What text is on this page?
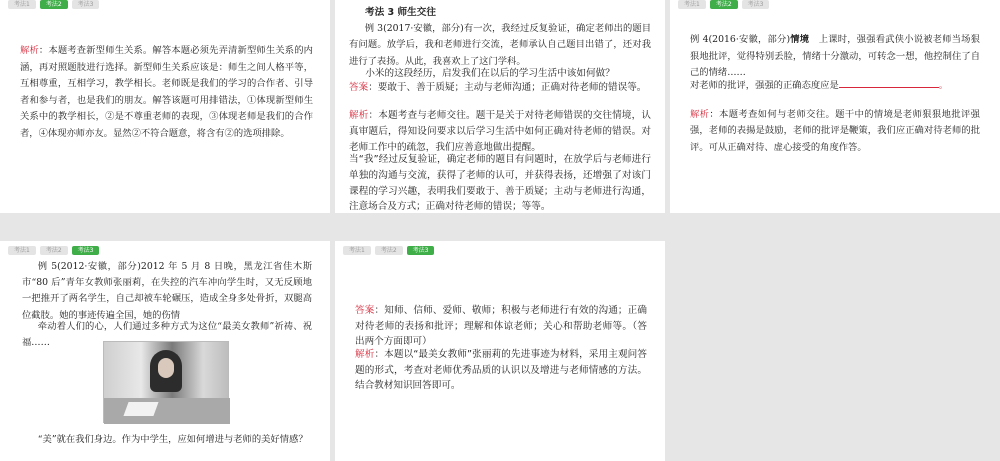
考法1	考法2	考法3
解析：本题考查新型师生关系。解答本题必须先弄清新型师生关系的内涵，再对照题肢进行选择。新型师生关系应该是：师生之间人格平等，互相尊重，互相学习，教学相长。老师既是我们的学习的合作者、引导者和参与者，也是我们的朋友。解答该题可用排错法，①体现新型师生关系中的教学相长，②是不尊重老师的表现，③体现老师是我们的合作者，④体现亦师亦友。显然②不符合题意，将含有②的选项排除。
考法 3 师生交往
例 3(2017·安徽，部分)有一次，我经过反复验证，确定老师出的题目有问题。放学后，我和老师进行交流，老师承认自己题目出错了，还对我进行了表扬。从此，我喜欢上了这门学科。
小米的这段经历，启发我们在以后的学习生活中该如何做？
答案：要敢于、善于质疑；主动与老师沟通；正确对待老师的错误等。
解析：本题考查与老师交往。题干是关于对待老师错误的交往情境，认真审题后，得知设问要求以后学习生活中如何正确对待老师的错误。对老师工作中的疏忽，我们应善意地做出提醒。
当“我”经过反复验证，确定老师的题目有问题时，在放学后与老师进行单独的沟通与交流，获得了老师的认可，并获得表扬，还增强了对该门课程的学习兴趣，表明我们要敢于、善于质疑；主动与老师进行沟通，注意场合及方式；正确对待老师的错误；等等。
考法1	考法2	考法3
例 4(2016·安徽，部分)情境　 上课时，强强看武侠小说被老师当场狠狠地批评，觉得特别丢脸，情绪十分激动，可转念一想，他控制住了自己的情绪……
对老师的批评，强强的正确态度应是	。
解析：本题考查如何与老师交往。题干中的情境是老师狠狠地批评强强，老师的表揚是鼓励，老师的批评是鞭策，我们应正确对待老师的批评。可从正确对待、虚心接受的角度作答。
考法1	考法2	考法3
例 5(2012·安徽，部分)2012 年 5 月 8 日晚，黑龙江省佳木斯市“80 后”青年女教师张丽莉，在失控的汽车冲向学生时，又无反顾地一把推开了两名学生，自己却被车轮碾压，造成全身多处骨折，双腿高位截肢。她的事迹传遍全国，她的伤情
牵动着人们的心，人们通过多种方式为这位“最美女教师”祈祷、祝福……
“美”就在我们身边。作为中学生，应如何增进与老师的美好情感？
考法1	考法2	考法3
答案：知师、信师、爱师、敬师；积极与老师进行有效的沟通；正确对待老师的表扬和批评；理解和体谅老师；关心和帮助老师等。（答出两个方面即可）
解析：本题以“最美女教师”张丽莉的先进事迹为材料，采用主观问答题的形式，考查对老师优秀品质的认识以及增进与老师情感的方法。结合教材知识回答即可。
